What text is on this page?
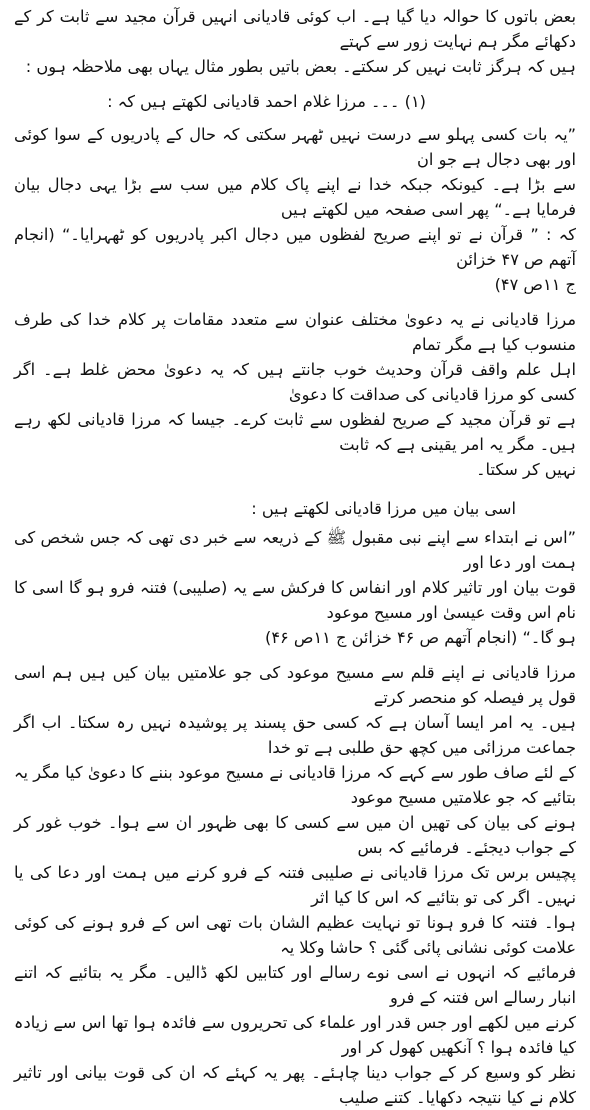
بعض باتوں کا حوالہ دیا گیا ہے۔ اب کوئی قادیانی انہیں قرآن مجید سے ثابت کر کے دکھائے مگر ہم نہایت زور سے کہتے
ہیں کہ ہرگز ثابت نہیں کر سکتے۔ بعض باتیں بطور مثال یہاں بھی ملاحظہ ہوں :

(۱) ۔۔۔ مرزا غلام احمد قادیانی لکھتے ہیں کہ :

”یہ بات کسی پہلو سے درست نہیں ٹھہر سکتی کہ حال کے پادریوں کے سوا کوئی اور بھی دجال ہے جو ان
سے بڑا ہے۔ کیونکہ جبکہ خدا نے اپنے پاک کلام میں سب سے بڑا یہی دجال بیان فرمایا ہے۔“ پھر اسی صفحہ میں لکھتے ہیں
کہ : ” قرآن نے تو اپنے صریح لفظوں میں دجال اکبر پادریوں کو ٹھہرایا۔“ (انجام آتھم ص ۴۷ خزائن
ج ۱۱ص ۴۷)

مرزا قادیانی نے یہ دعویٰ مختلف عنوان سے متعدد مقامات پر کلام خدا کی طرف منسوب کیا ہے مگر تمام
اہل علم واقف قرآن وحدیث خوب جانتے ہیں کہ یہ دعویٰ محض غلط ہے۔ اگر کسی کو مرزا قادیانی کی صداقت کا دعویٰ
ہے تو قرآن مجید کے صریح لفظوں سے ثابت کرے۔ جیسا کہ مرزا قادیانی لکھ رہے ہیں۔ مگر یہ امر یقینی ہے کہ ثابت
نہیں کر سکتا۔

اسی بیان میں مرزا قادیانی لکھتے ہیں :

”اس نے ابتداء سے اپنے نبی مقبول ﷺ کے ذریعہ سے خبر دی تھی کہ جس شخص کی ہمت اور دعا اور
قوت بیان اور تاثیر کلام اور انفاس کا فرکش سے یہ (صلیبی) فتنہ فرو ہو گا اسی کا نام اس وقت عیسیٰ اور مسیح موعود
ہو گا۔“ (انجام آتھم ص ۴۶ خزائن ج ۱۱ص ۴۶)

مرزا قادیانی نے اپنے قلم سے مسیح موعود کی جو علامتیں بیان کیں ہیں ہم اسی قول پر فیصلہ کو منحصر کرتے
ہیں۔ یہ امر ایسا آسان ہے کہ کسی حق پسند پر پوشیدہ نہیں رہ سکتا۔ اب اگر جماعت مرزائی میں کچھ حق طلبی ہے تو خدا
کے لئے صاف طور سے کہے کہ مرزا قادیانی نے مسیح موعود بننے کا دعویٰ کیا مگر یہ بتائیے کہ جو علامتیں مسیح موعود
ہونے کی بیان کی تھیں ان میں سے کسی کا بھی ظہور ان سے ہوا۔ خوب غور کر کے جواب دیجئے۔ فرمائیے کہ بس
پچیس برس تک مرزا قادیانی نے صلیبی فتنہ کے فرو کرنے میں ہمت اور دعا کی یا نہیں۔ اگر کی تو بتائیے کہ اس کا کیا اثر
ہوا۔ فتنہ کا فرو ہونا تو نہایت عظیم الشان بات تھی اس کے فرو ہونے کی کوئی علامت کوئی نشانی پائی گئی ؟ حاشا وکلا یہ
فرمائیے کہ انہوں نے اسی نوے رسالے اور کتابیں لکھ ڈالیں۔ مگر یہ بتائیے کہ اتنے انبار رسالے اس فتنہ کے فرو
کرنے میں لکھے اور جس قدر اور علماء کی تحریروں سے فائدہ ہوا تھا اس سے زیادہ کیا فائدہ ہوا ؟ آنکھیں کھول کر اور
نظر کو وسیع کر کے جواب دینا چاہئے۔ پھر یہ کہئے کہ ان کی قوت بیانی اور تاثیر کلام نے کیا نتیجہ دکھایا۔ کتنے صلیب
